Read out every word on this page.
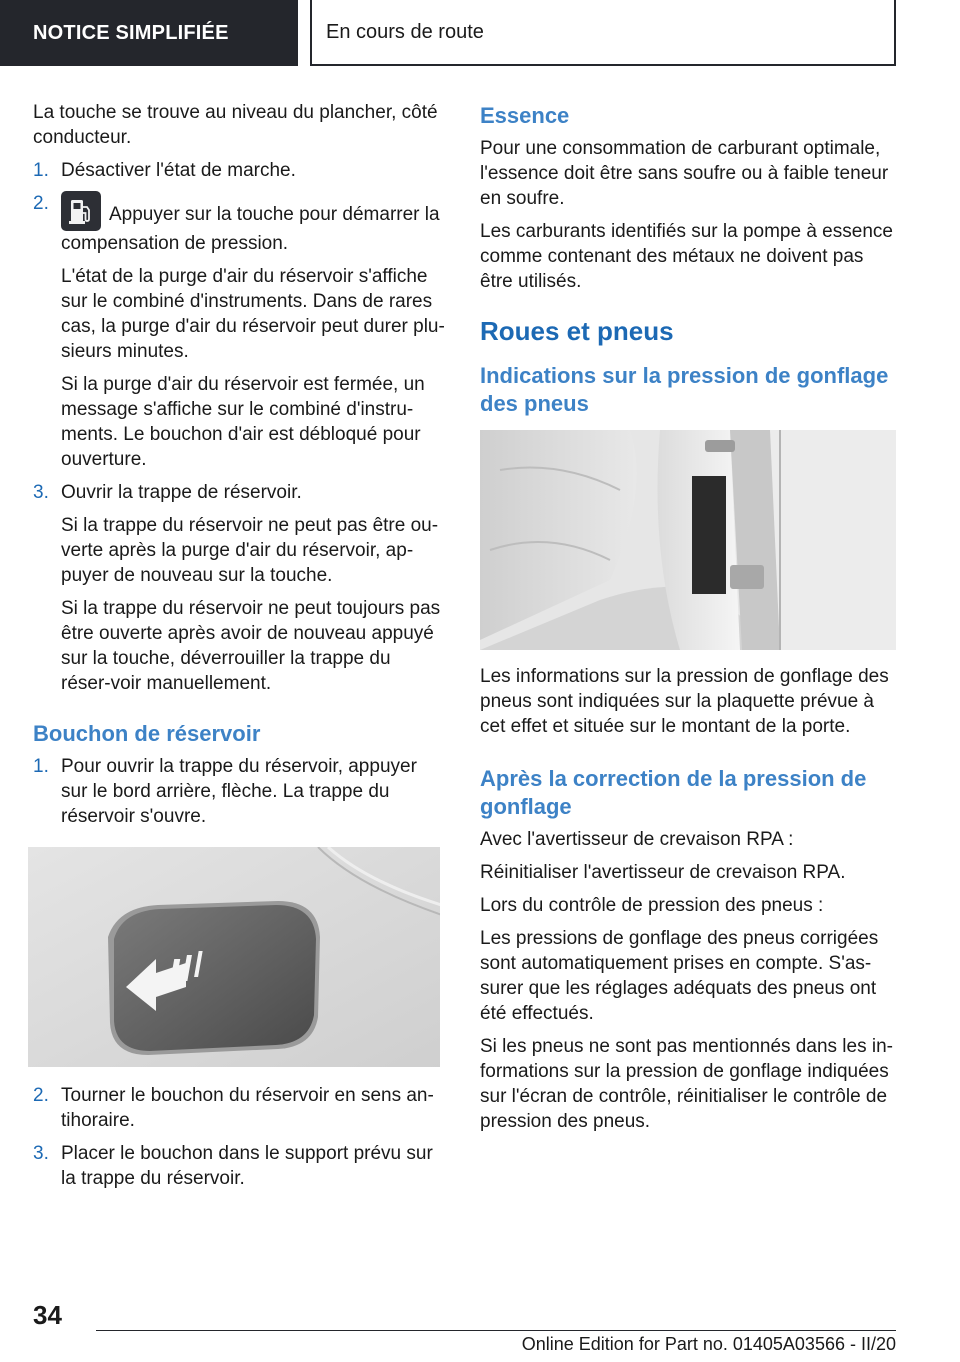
NOTICE SIMPLIFIÉE	En cours de route

La touche se trouve au niveau du plancher, côté conducteur.

1. Désactiver l'état de marche.

2.

Appuyer sur la touche pour démarrer la compensation de pression.

L'état de la purge d'air du réservoir s'affiche sur le combiné d'instruments. Dans de rares cas, la purge d'air du réservoir peut durer plu‐sieurs minutes.

Si la purge d'air du réservoir est fermée, un message s'affiche sur le combiné d'instru‐ments. Le bouchon d'air est débloqué pour ouverture.

3. Ouvrir la trappe de réservoir.

Si la trappe du réservoir ne peut pas être ou‐verte après la purge d'air du réservoir, ap‐puyer de nouveau sur la touche.

Si la trappe du réservoir ne peut toujours pas être ouverte après avoir de nouveau appuyé sur la touche, déverrouiller la trappe du réser‐voir manuellement.

Bouchon de réservoir
1. Pour ouvrir la trappe du réservoir, appuyer sur le bord arrière, flèche. La trappe du réservoir s'ouvre.

2. Tourner le bouchon du réservoir en sens an‐tihoraire.

3. Placer le bouchon dans le support prévu sur la trappe du réservoir.

Essence

Pour une consommation de carburant optimale, l'essence doit être sans soufre ou à faible teneur en soufre.

Les carburants identifiés sur la pompe à essence comme contenant des métaux ne doivent pas être utilisés.

Roues et pneus
Indications sur la pression de gonflage des pneus

Les informations sur la pression de gonflage des pneus sont indiquées sur la plaquette prévue à cet effet et située sur le montant de la porte.

Après la correction de la pression de gonflage

Avec l'avertisseur de crevaison RPA :

Réinitialiser l'avertisseur de crevaison RPA.

Lors du contrôle de pression des pneus :

Les pressions de gonflage des pneus corrigées sont automatiquement prises en compte. S'as‐surer que les réglages adéquats des pneus ont été effectués.

Si les pneus ne sont pas mentionnés dans les in‐formations sur la pression de gonflage indiquées sur l'écran de contrôle, réinitialiser le contrôle de pression des pneus.

34
Online Edition for Part no. 01405A03566 - II/20
